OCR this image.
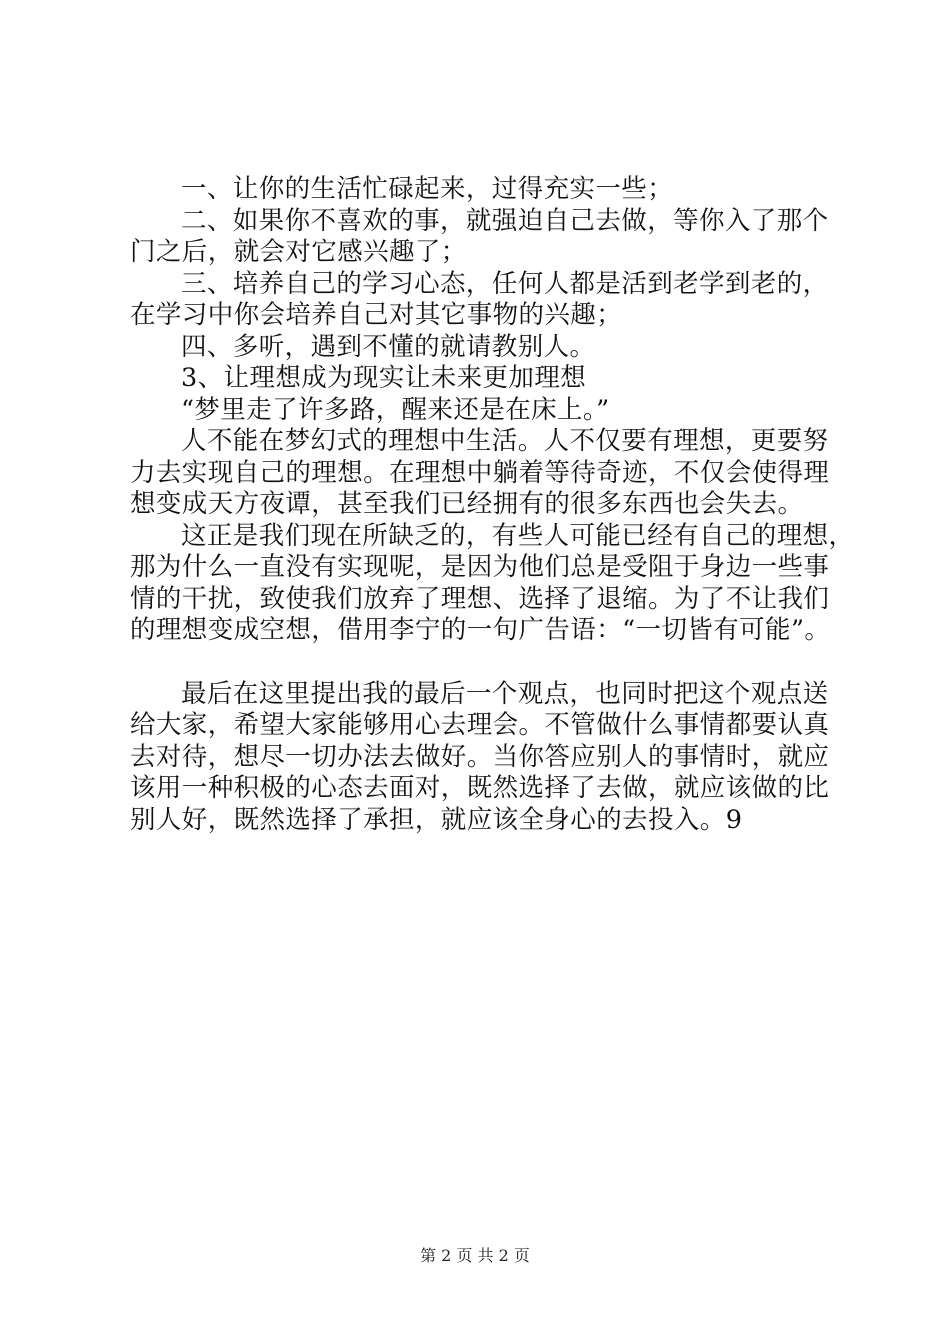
一、让你的生活忙碌起来，过得充实一些；
二、如果你不喜欢的事，就强迫自己去做，等你入了那个
门之后，就会对它感兴趣了；
三、培养自己的学习心态，任何人都是活到老学到老的，
在学习中你会培养自己对其它事物的兴趣；
四、多听，遇到不懂的就请教别人。
3、让理想成为现实让未来更加理想
“梦里走了许多路，醒来还是在床上。”
人不能在梦幻式的理想中生活。人不仅要有理想，更要努
力去实现自己的理想。在理想中躺着等待奇迹，不仅会使得理
想变成天方夜谭，甚至我们已经拥有的很多东西也会失去。
这正是我们现在所缺乏的，有些人可能已经有自己的理想，
那为什么一直没有实现呢，是因为他们总是受阻于身边一些事
情的干扰，致使我们放弃了理想、选择了退缩。为了不让我们
的理想变成空想，借用李宁的一句广告语：“一切皆有可能”。
最后在这里提出我的最后一个观点，也同时把这个观点送
给大家，希望大家能够用心去理会。不管做什么事情都要认真
去对待，想尽一切办法去做好。当你答应别人的事情时，就应
该用一种积极的心态去面对，既然选择了去做，就应该做的比
别人好，既然选择了承担，就应该全身心的去投入。9
第 2 页 共 2 页
